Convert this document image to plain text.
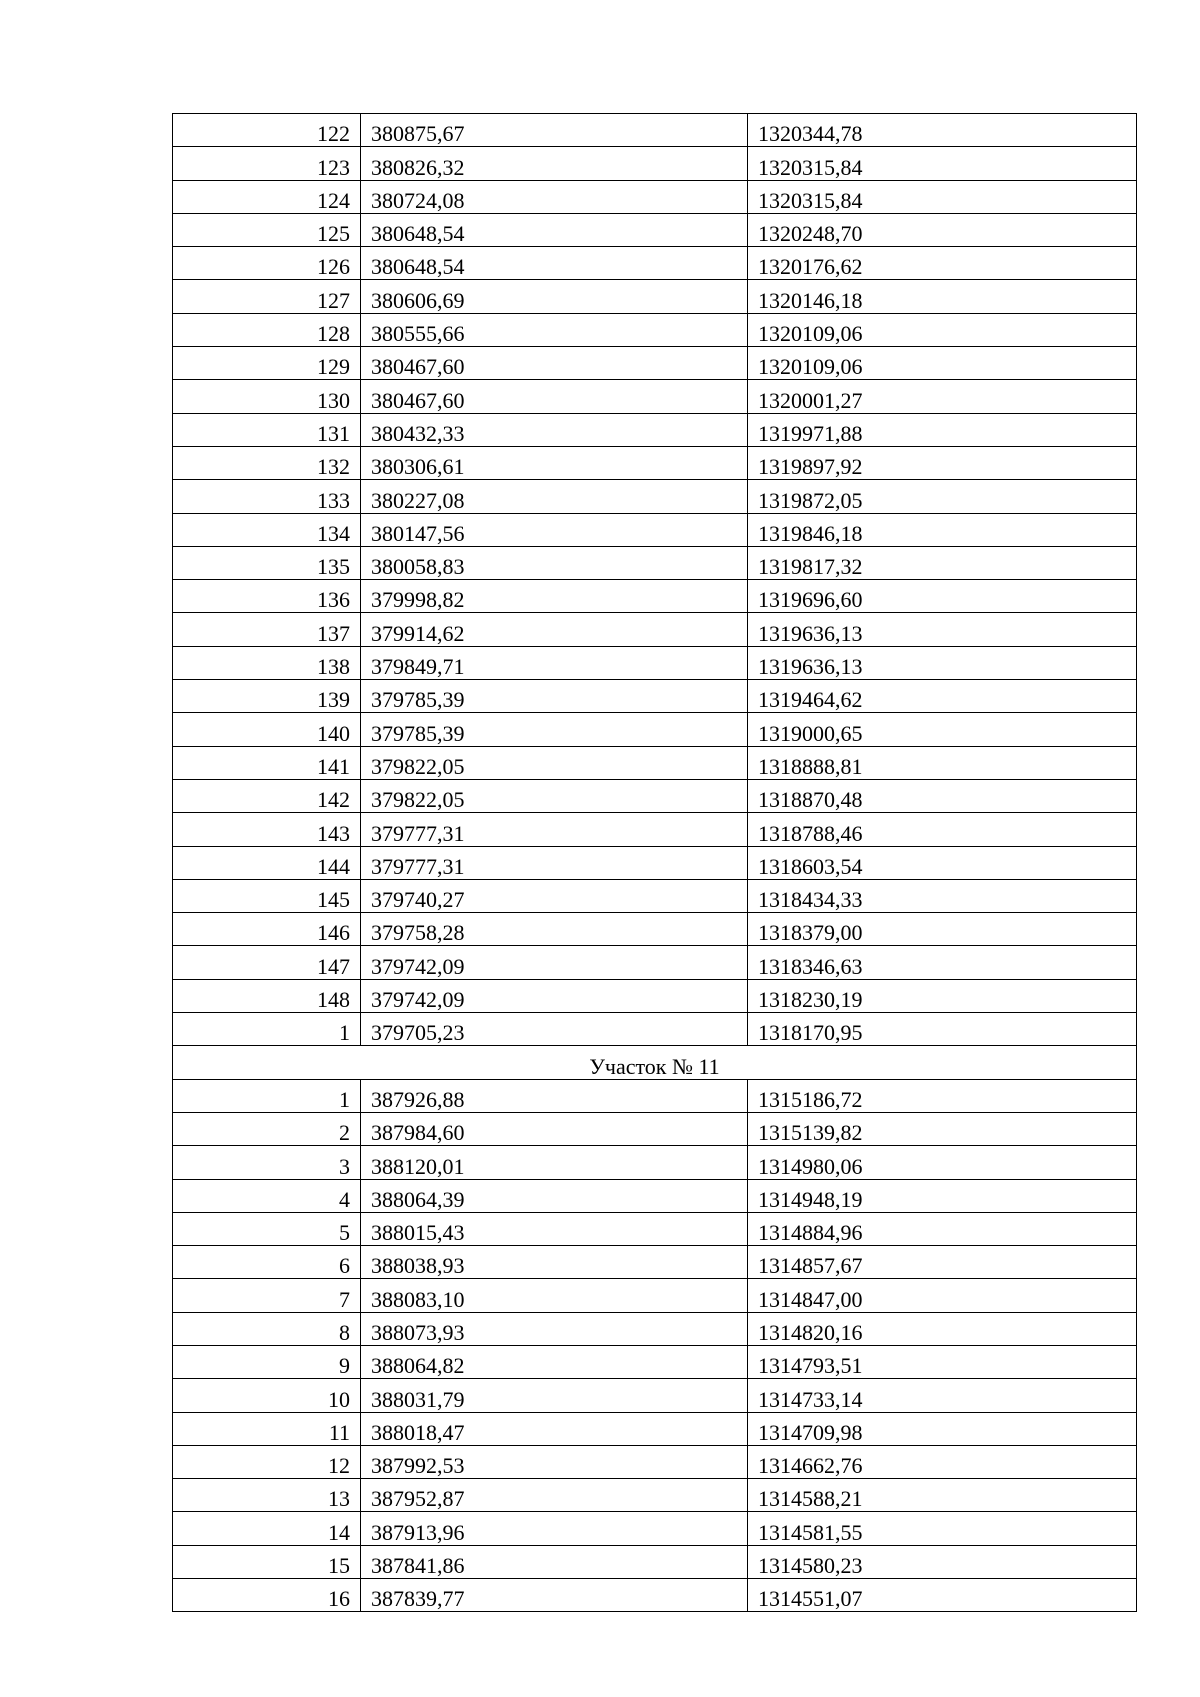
122	380875,67	1320344,78
123	380826,32	1320315,84
124	380724,08	1320315,84
125	380648,54	1320248,70
126	380648,54	1320176,62
127	380606,69	1320146,18
128	380555,66	1320109,06
129	380467,60	1320109,06
130	380467,60	1320001,27
131	380432,33	1319971,88
132	380306,61	1319897,92
133	380227,08	1319872,05
134	380147,56	1319846,18
135	380058,83	1319817,32
136	379998,82	1319696,60
137	379914,62	1319636,13
138	379849,71	1319636,13
139	379785,39	1319464,62
140	379785,39	1319000,65
141	379822,05	1318888,81
142	379822,05	1318870,48
143	379777,31	1318788,46
144	379777,31	1318603,54
145	379740,27	1318434,33
146	379758,28	1318379,00
147	379742,09	1318346,63
148	379742,09	1318230,19
1	379705,23	1318170,95
Участок № 11		
1	387926,88	1315186,72
2	387984,60	1315139,82
3	388120,01	1314980,06
4	388064,39	1314948,19
5	388015,43	1314884,96
6	388038,93	1314857,67
7	388083,10	1314847,00
8	388073,93	1314820,16
9	388064,82	1314793,51
10	388031,79	1314733,14
11	388018,47	1314709,98
12	387992,53	1314662,76
13	387952,87	1314588,21
14	387913,96	1314581,55
15	387841,86	1314580,23
16	387839,77	1314551,07
